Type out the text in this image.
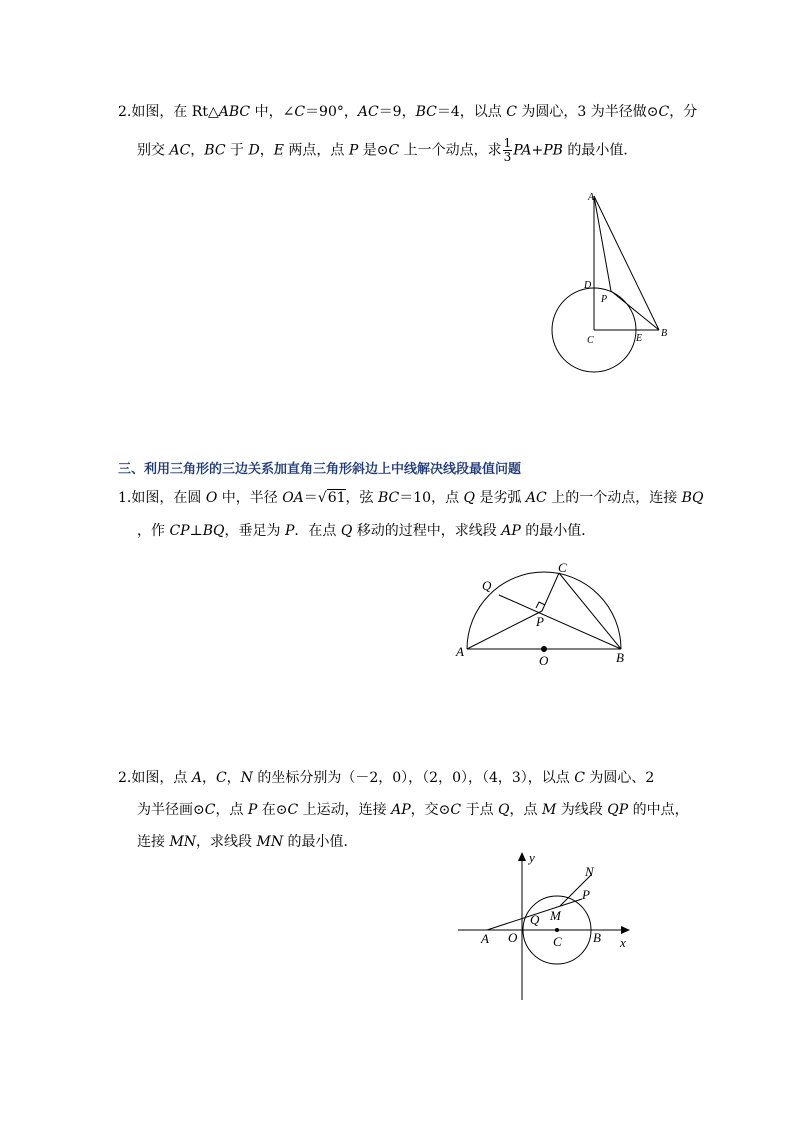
2.如图，在 Rt△ABC 中，∠C＝90°，AC＝9，BC＝4，以点 C 为圆心，3 为半径做⊙C，分
别交 AC，BC 于 D，E 两点，点 P 是⊙C 上一个动点，求 $\frac{1}{3} PA+PB$ 的最小值．
A
D
P
B
C	E
三、利用三角形的三边关系加直角三角形斜边上中线解决线段最值问题
1.如图，在圆 O 中，半径 OA＝√61，弦 BC＝10，点 Q 是劣弧 AC 上的一个动点，连接 BQ
，作 CP⊥BQ，垂足为 P．在点 Q 移动的过程中，求线段 AP 的最小值．
Q
C
P
A
O	B
2.如图，点 A，C，N 的坐标分别为（－2，0），（2，0），（4，3），以点 C 为圆心、2
为半径画⊙C，点 P 在⊙C 上运动，连接 AP，交⊙C 于点 Q，点 M 为线段 QP 的中点，
连接 MN，求线段 MN 的最小值．
y
N
P
Q M
A O	C B x
